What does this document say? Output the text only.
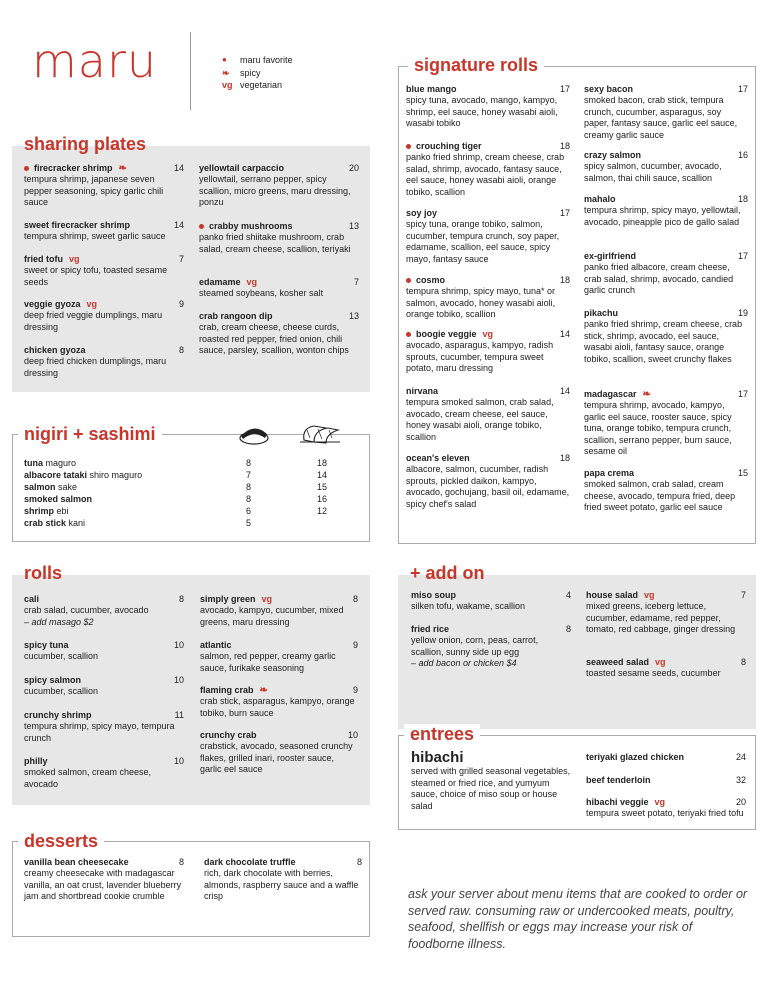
maru	●	maru favorite
❧	spicy
vg vegetarian
sharing plates
firecracker shrimp ❧	14
tempura shrimp, japanese seven pepper seasoning, spicy garlic chili sauce
sweet firecracker shrimp	14
tempura shrimp, sweet garlic sauce
fried tofu vg	7
sweet or spicy tofu, toasted sesame seeds
veggie gyoza vg	9
deep fried veggie dumplings, maru dressing
chicken gyoza	8
deep fried chicken dumplings, maru dressing
yellowtail carpaccio	20
yellowtail, serrano pepper, spicy scallion, micro greens, maru dressing, ponzu
crabby mushrooms	13
panko fried shiitake mushroom, crab salad, cream cheese, scallion, teriyaki
edamame vg	7
steamed soybeans, kosher salt
crab rangoon dip	13
crab, cream cheese, cheese curds, roasted red pepper, fried onion, chili sauce, parsley, scallion, wonton chips
nigiri + sashimi
tuna maguro	8	18
albacore tataki shiro maguro	7	14
salmon sake	8	15
smoked salmon	8	16
shrimp ebi	6	12
crab stick kani	5
signature rolls
blue mango	17
spicy tuna, avocado, mango, kampyo, shrimp, eel sauce, honey wasabi aioli, wasabi tobiko
crouching tiger	18
panko fried shrimp, cream cheese, crab salad, shrimp, avocado, fantasy sauce, eel sauce, honey wasabi aioli, orange tobiko, scallion
soy joy	17
spicy tuna, orange tobiko, salmon, cucumber, tempura crunch, soy paper, edamame, scallion, eel sauce, spicy mayo, fantasy sauce
cosmo	18
tempura shrimp, spicy mayo, tuna* or salmon, avocado, honey wasabi aioli, orange tobiko, scallion
boogie veggie vg	14
avocado, asparagus, kampyo, radish sprouts, cucumber, tempura sweet potato, maru dressing
nirvana	14
tempura smoked salmon, crab salad, avocado, cream cheese, eel sauce, honey wasabi aioli, orange tobiko, scallion
ocean's eleven	18
albacore, salmon, cucumber, radish sprouts, pickled daikon, kampyo, avocado, gochujang, basil oil, edamame, spicy chef's salad
sexy bacon	17
smoked bacon, crab stick, tempura crunch, cucumber, asparagus, soy paper, fantasy sauce, garlic eel sauce, creamy garlic sauce
crazy salmon	16
spicy salmon, cucumber, avocado, salmon, thai chili sauce, scallion
mahalo	18
tempura shrimp, spicy mayo, yellowtail, avocado, pineapple pico de gallo salad
ex-girlfriend	17
panko fried albacore, cream cheese, crab salad, shrimp, avocado, candied garlic crunch
pikachu	19
panko fried shrimp, cream cheese, crab stick, shrimp, avocado, eel sauce, wasabi aioli, fantasy sauce, orange tobiko, scallion, sweet crunchy flakes
madagascar ❧	17
tempura shrimp, avocado, kampyo, garlic eel sauce, rooster sauce, spicy tuna, orange tobiko, tempura crunch, scallion, serrano pepper, burn sauce, sesame oil
papa crema	15
smoked salmon, crab salad, cream cheese, avocado, tempura fried, deep fried sweet potato, garlic eel sauce
rolls
cali	8
crab salad, cucumber, avocado
– add masago $2
spicy tuna	10
cucumber, scallion
spicy salmon	10
cucumber, scallion
crunchy shrimp	11
tempura shrimp, spicy mayo, tempura crunch
philly	10
smoked salmon, cream cheese, avocado
simply green vg	8
avocado, kampyo, cucumber, mixed greens, maru dressing
atlantic	9
salmon, red pepper, creamy garlic sauce, furikake seasoning
flaming crab ❧	9
crab stick, asparagus, kampyo, orange tobiko, burn sauce
crunchy crab	10
crabstick, avocado, seasoned crunchy flakes, grilled inari, rooster sauce, garlic eel sauce
+ add on
miso soup	4
silken tofu, wakame, scallion
fried rice	8
yellow onion, corn, peas, carrot, scallion, sunny side up egg
– add bacon or chicken $4
house salad vg	7
mixed greens, iceberg lettuce, cucumber, edamame, red pepper, tomato, red cabbage, ginger dressing
seaweed salad vg	8
toasted sesame seeds, cucumber
entrees
hibachi
served with grilled seasonal vegetables, steamed or fried rice, and yumyum sauce, choice of miso soup or house salad
teriyaki glazed chicken	24
beef tenderloin	32
hibachi veggie vg	20
tempura sweet potato, teriyaki fried tofu
desserts
vanilla bean cheesecake	8
creamy cheesecake with madagascar vanilla, an oat crust, lavender blueberry jam and shortbread cookie crumble
dark chocolate truffle	8
rich, dark chocolate with berries, almonds, raspberry sauce and a waffle crisp	ask your server about menu items that are cooked to order or served raw. consuming raw or undercooked meats, poultry, seafood, shellfish or eggs may increase your risk of foodborne illness.
